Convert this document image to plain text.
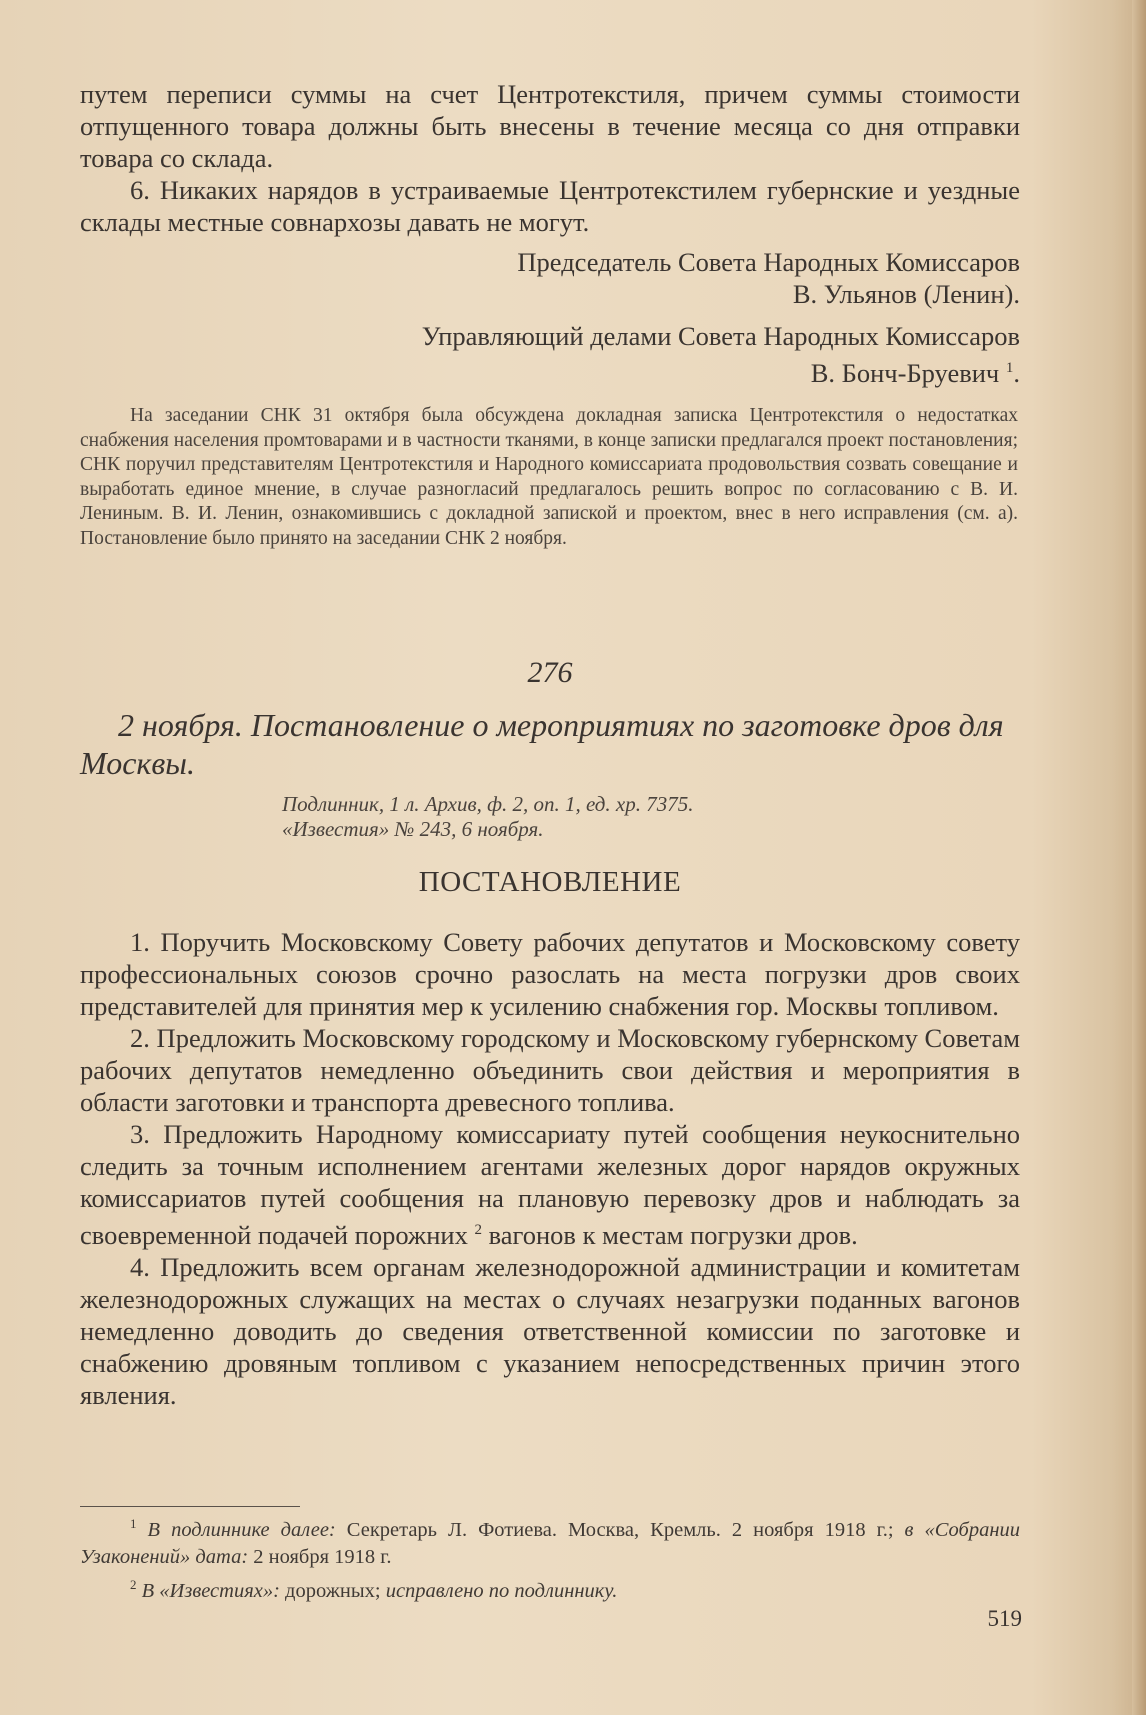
путем переписи суммы на счет Центротекстиля, причем суммы стоимости отпущенного товара должны быть внесены в течение месяца со дня отправки товара со склада.

6. Никаких нарядов в устраиваемые Центротекстилем губернские и уездные склады местные совнархозы давать не могут.

Председатель Совета Народных Комиссаров

В. Ульянов (Ленин).

Управляющий делами Совета Народных Комиссаров

В. Бонч-Бруевич $^1$.

На заседании СНК 31 октября была обсуждена докладная записка Центротекстиля о недостатках снабжения населения промтоварами и в частности тканями, в конце записки предлагался проект постановления; СНК поручил представителям Центротекстиля и Народного комиссариата продовольствия созвать совещание и выработать единое мнение, в случае разногласий предлагалось решить вопрос по согласованию с В. И. Лениным. В. И. Ленин, ознакомившись с докладной запиской и проектом, внес в него исправления (см. а). Постановление было принято на заседании СНК 2 ноября.

276

2 ноября. Постановление о мероприятиях по заготовке дров для Москвы.

Подлинник, 1 л. Архив, ф. 2, оп. 1, ед. хр. 7375.

«Известия» № 243, 6 ноября.

ПОСТАНОВЛЕНИЕ

1. Поручить Московскому Совету рабочих депутатов и Московскому совету профессиональных союзов срочно разослать на места погрузки дров своих представителей для принятия мер к усилению снабжения гор. Москвы топливом.

2. Предложить Московскому городскому и Московскому губернскому Советам рабочих депутатов немедленно объединить свои действия и мероприятия в области заготовки и транспорта древесного топлива.

3. Предложить Народному комиссариату путей сообщения неукоснительно следить за точным исполнением агентами железных дорог нарядов окружных комиссариатов путей сообщения на плановую перевозку дров и наблюдать за своевременной подачей порожних $^2$ вагонов к местам погрузки дров.

4. Предложить всем органам железнодорожной администрации и комитетам железнодорожных служащих на местах о случаях незагрузки поданных вагонов немедленно доводить до сведения ответственной комиссии по заготовке и снабжению дровяным топливом с указанием непосредственных причин этого явления.

$^1$ В подлиннике далее: Секретарь Л. Фотиева. Москва, Кремль. 2 ноября 1918 г.; в «Собрании Узаконений» дата: 2 ноября 1918 г.

$^2$ В «Известиях»: дорожных; исправлено по подлиннику.

519
